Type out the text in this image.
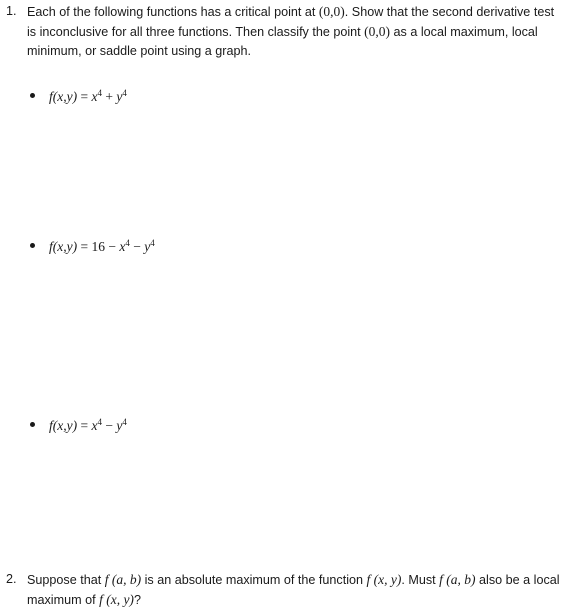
1. Each of the following functions has a critical point at (0,0). Show that the second derivative test is inconclusive for all three functions. Then classify the point (0,0) as a local maximum, local minimum, or saddle point using a graph.
$f(x,y) = x^4 + y^4$
$f(x,y) = 16 - x^4 - y^4$
$f(x,y) = x^4 - y^4$
2. Suppose that f (a, b) is an absolute maximum of the function f (x, y). Must f (a, b) also be a local maximum of f (x, y)?
